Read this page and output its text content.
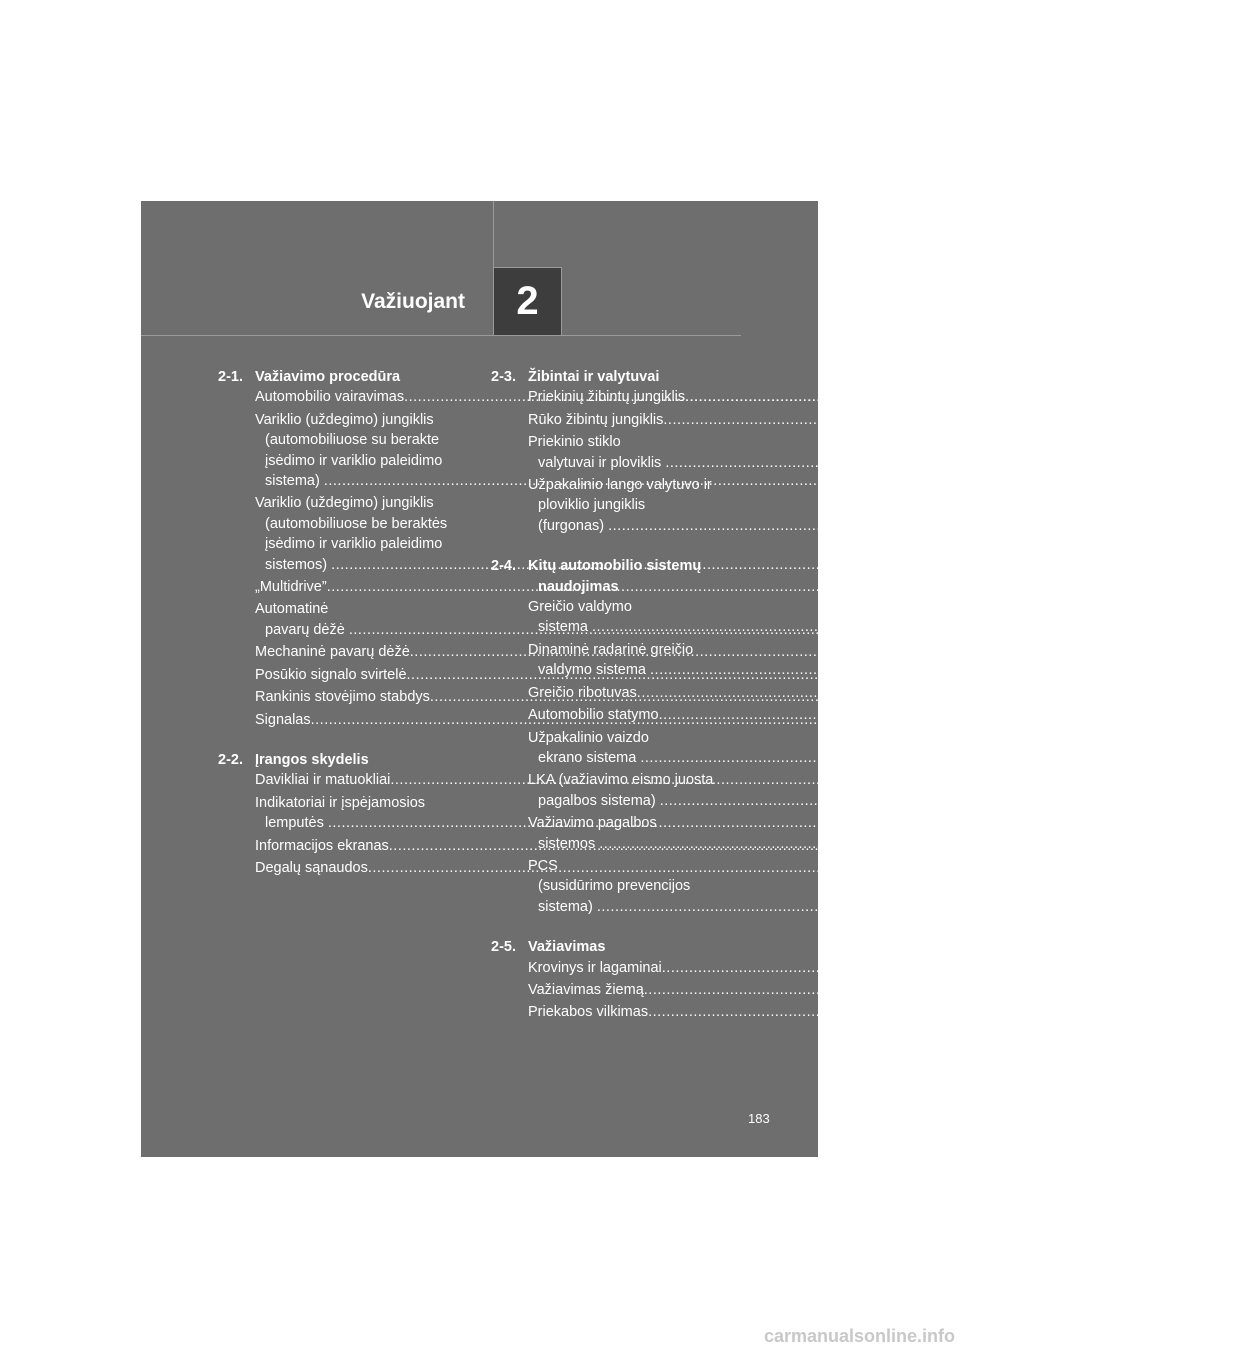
Važiuojant	2
2-1. Važiavimo procedūra
Automobilio vairavimas .....	184
Variklio (uždegimo) jungiklis
(automobiliuose su berakte
įsėdimo ir variklio paleidimo
sistema) .....	200
Variklio (uždegimo) jungiklis
(automobiliuose be beraktės
įsėdimo ir variklio paleidimo
sistemos) .....	206
„Multidrive” .....	210
Automatinė
pavarų dėžė .....	216
Mechaninė pavarų dėžė .....	224
Posūkio signalo svirtelė .....	228
Rankinis stovėjimo stabdys .....	229
Signalas .....	233
2-2. Įrangos skydelis
Davikliai ir matuokliai .....	234
Indikatoriai ir įspėjamosios
lemputės .....	237
Informacijos ekranas .....	241
Degalų sąnaudos .....	254
2-3. Žibintai ir valytuvai
Priekinių žibintų jungiklis .....	256
Rūko žibintų jungiklis .....	263
Priekinio stiklo
valytuvai ir ploviklis .....	265
Užpakalinio lango valytuvo ir
ploviklio jungiklis
(furgonas) .....	270
2-4. Kitų automobilio sistemų
naudojimas
Greičio valdymo
sistema .....	271
Dinaminė radarinė greičio
valdymo sistema .....	277
Greičio ribotuvas .....	296
Automobilio statymo .....	299
Užpakalinio vaizdo
ekrano sistema .....	304
LKA (važiavimo eismo juosta
pagalbos sistema) .....	314
Važiavimo pagalbos
sistemos .....	324
PCS
(susidūrimo prevencijos
sistema) .....	330
2-5. Važiavimas
Krovinys ir lagaminai .....	339
Važiavimas žiemą .....	341
Priekabos vilkimas .....	345
183
carmanualsonline.info
